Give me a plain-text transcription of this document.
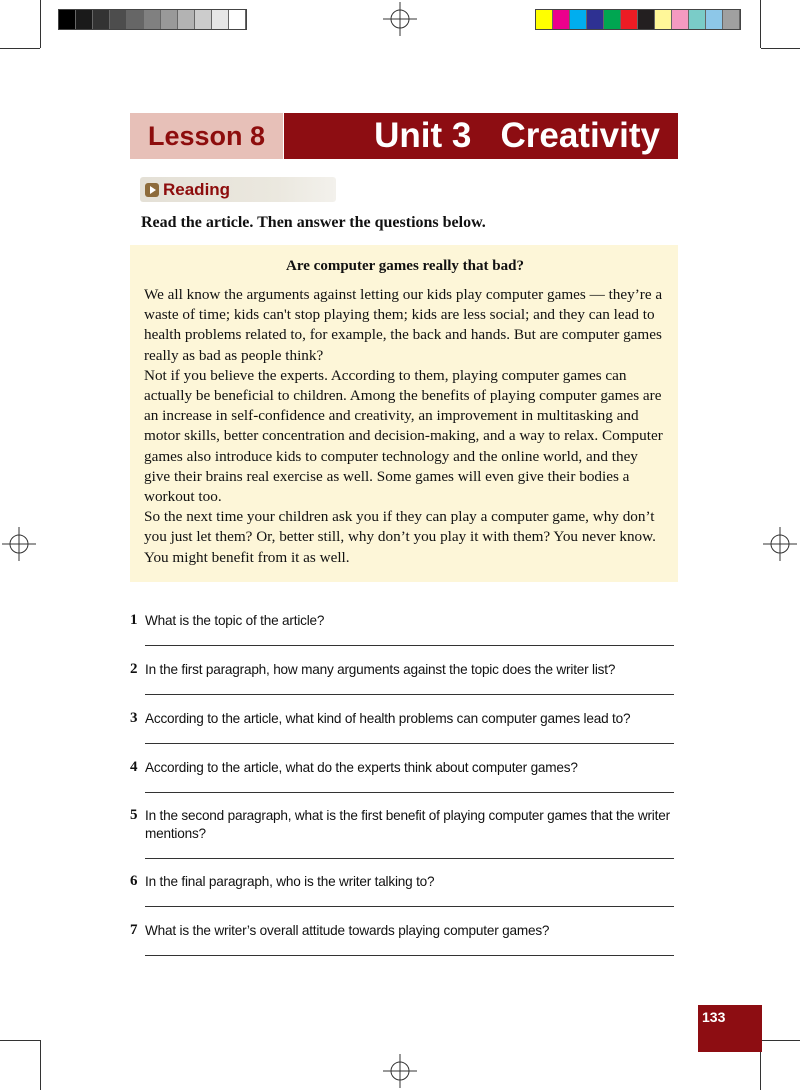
Lesson 8	Unit 3   Creativity
Reading
Read the article. Then answer the questions below.
Are computer games really that bad?

We all know the arguments against letting our kids play computer games — they’re a waste of time; kids can't stop playing them; kids are less social; and they can lead to health problems related to, for example, the back and hands. But are computer games really as bad as people think?

Not if you believe the experts. According to them, playing computer games can actually be beneficial to children. Among the benefits of playing computer games are an increase in self-confidence and creativity, an improvement in multitasking and motor skills, better concentration and decision-making, and a way to relax. Computer games also introduce kids to computer technology and the online world, and they give their brains real exercise as well. Some games will even give their bodies a workout too.

So the next time your children ask you if they can play a computer game, why don’t you just let them? Or, better still, why don’t you play it with them? You never know. You might benefit from it as well.

1 What is the topic of the article?
2 In the first paragraph, how many arguments against the topic does the writer list?
3 According to the article, what kind of health problems can computer games lead to?
4 According to the article, what do the experts think about computer games?
5 In the second paragraph, what is the first benefit of playing computer games that the writer mentions?
6 In the final paragraph, who is the writer talking to?
7 What is the writer’s overall attitude towards playing computer games?
133
